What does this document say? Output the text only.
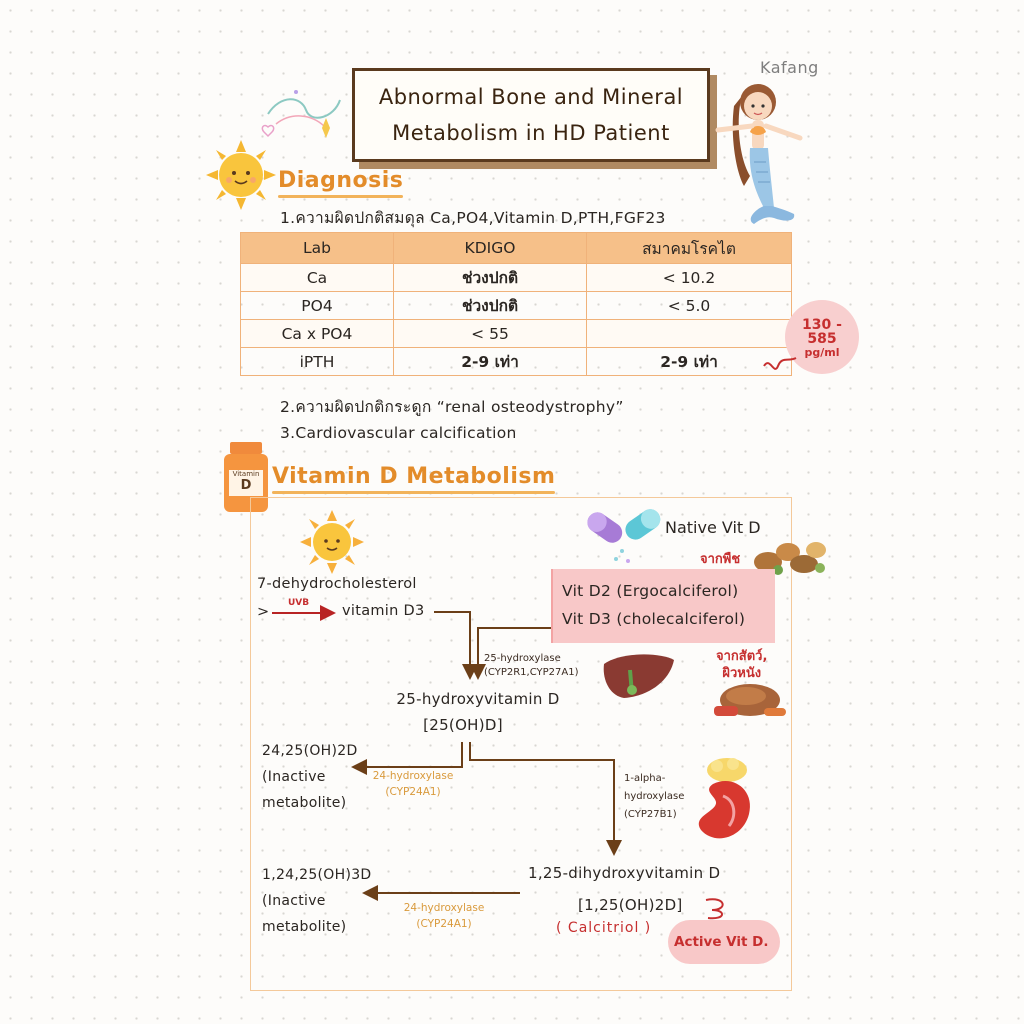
Abnormal Bone and Mineral
Metabolism in HD Patient
Kafang
Diagnosis
1.ความผิดปกติสมดุล Ca,PO4,Vitamin D,PTH,FGF23
Lab	KDIGO	สมาคมโรคไต
Ca	ช่วงปกติ	< 10.2
PO4	ช่วงปกติ	< 5.0
Ca x PO4	< 55	
iPTH	2-9 เท่า	2-9 เท่า
130 -
585
pg/ml
2.ความผิดปกติกระดูก “renal osteodystrophy”
3.Cardiovascular calcification
Vitamin
D Vitamin D Metabolism
Native Vit D
จากพืช
Vit D2 (Ergocalciferol)
Vit D3 (cholecalciferol)
จากสัตว์,
ผิวหนัง
7-dehydrocholesterol
>
UVB vitamin D3
25-hydroxylase
(CYP2R1,CYP27A1)
25-hydroxyvitamin D
[25(OH)D]
24,25(OH)2D
(Inactive
metabolite)
24-hydroxylase
(CYP24A1)
1-alpha-
hydroxylase
(CYP27B1)
1,25-dihydroxyvitamin D
[1,25(OH)2D]
( Calcitriol )
Active Vit D.
1,24,25(OH)3D
(Inactive
metabolite)
24-hydroxylase
(CYP24A1)
